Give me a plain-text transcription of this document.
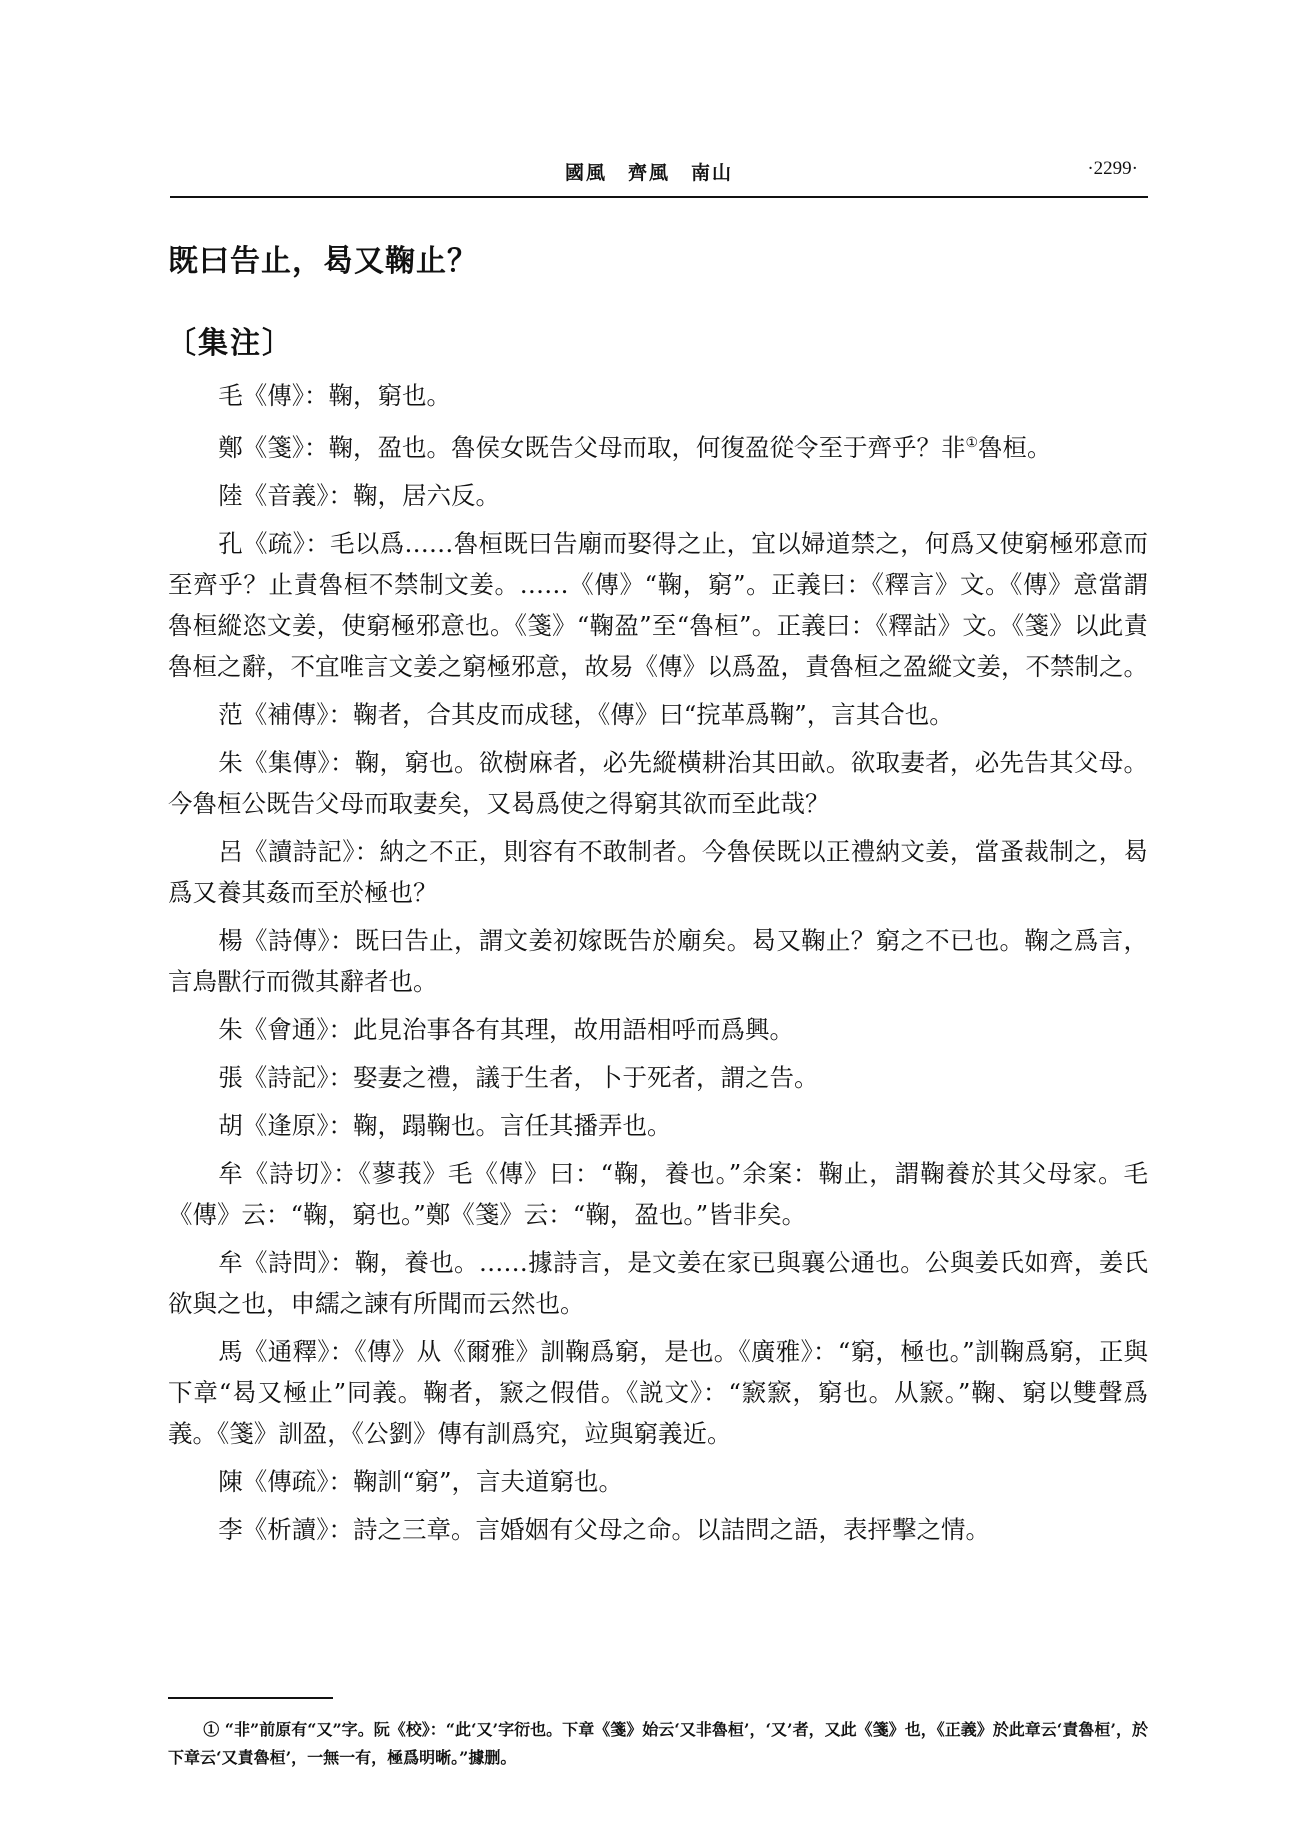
國風　齊風　南山	·2299·
既曰告止，曷又鞠止？
〔集注〕

毛《傳》：鞠，窮也。

鄭《箋》：鞠，盈也。魯侯女既告父母而取，何復盈從令至于齊乎？非①魯桓。

陸《音義》：鞠，居六反。

孔《疏》：毛以爲……魯桓既曰告廟而娶得之止，宜以婦道禁之，何爲又使窮極邪意而至齊乎？止責魯桓不禁制文姜。……《傳》“鞠，窮”。正義曰：《釋言》文。《傳》意當謂魯桓縱恣文姜，使窮極邪意也。《箋》“鞠盈”至“魯桓”。正義曰：《釋詁》文。《箋》以此責魯桓之辭，不宜唯言文姜之窮極邪意，故易《傳》以爲盈，責魯桓之盈縱文姜，不禁制之。

范《補傳》：鞠者，合其皮而成毬，《傳》曰“捖革爲鞠”，言其合也。

朱《集傳》：鞠，窮也。欲樹麻者，必先縱橫耕治其田畝。欲取妻者，必先告其父母。今魯桓公既告父母而取妻矣，又曷爲使之得窮其欲而至此哉？

呂《讀詩記》：納之不正，則容有不敢制者。今魯侯既以正禮納文姜，當蚤裁制之，曷爲又養其姦而至於極也？

楊《詩傳》：既曰告止，謂文姜初嫁既告於廟矣。曷又鞠止？窮之不已也。鞠之爲言，言鳥獸行而微其辭者也。

朱《會通》：此見治事各有其理，故用語相呼而爲興。

張《詩記》：娶妻之禮，議于生者，卜于死者，謂之告。

胡《逢原》：鞠，蹋鞠也。言任其播弄也。

牟《詩切》：《蓼莪》毛《傳》曰：“鞠，養也。”余案：鞠止，謂鞠養於其父母家。毛《傳》云：“鞠，窮也。”鄭《箋》云：“鞠，盈也。”皆非矣。

牟《詩問》：鞠，養也。……據詩言，是文姜在家已與襄公通也。公與姜氏如齊，姜氏欲與之也，申繻之諫有所聞而云然也。

馬《通釋》：《傳》从《爾雅》訓鞠爲窮，是也。《廣雅》：“窮，極也。”訓鞠爲窮，正與下章“曷又極止”同義。鞠者，窾之假借。《説文》：“窾窾，窮也。从窾。”鞠、窮以雙聲爲義。《箋》訓盈，《公劉》傳有訓爲究，竝與窮義近。

陳《傳疏》：鞠訓“窮”，言夫道窮也。

李《析讀》：詩之三章。言婚姻有父母之命。以詰問之語，表抨擊之情。

① “非”前原有“又”字。阮《校》：“此‘又’字衍也。下章《箋》始云‘又非魯桓’，‘又’者，又此《箋》也，《正義》於此章云‘責魯桓’，於下章云‘又責魯桓’，一無一有，極爲明晰。”據删。
